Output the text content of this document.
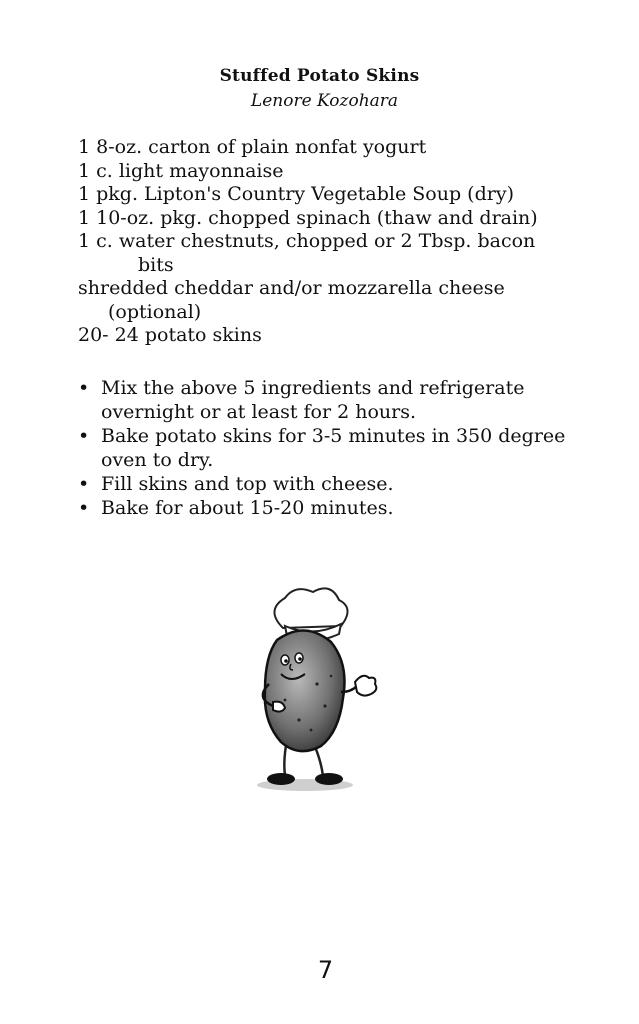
Stuffed Potato Skins
Lenore Kozohara
1 8-oz. carton of plain nonfat yogurt
1 c. light mayonnaise
1 pkg. Lipton's Country Vegetable Soup (dry)
1 10-oz. pkg. chopped spinach (thaw and drain)
1 c. water chestnuts, chopped or 2 Tbsp. bacon
bits
shredded cheddar and/or mozzarella cheese
(optional)
20- 24 potato skins
• Mix the above 5 ingredients and refrigerate overnight or at least for 2 hours.
• Bake potato skins for 3-5 minutes in 350 degree oven to dry.
• Fill skins and top with cheese.
• Bake for about 15-20 minutes.
7
